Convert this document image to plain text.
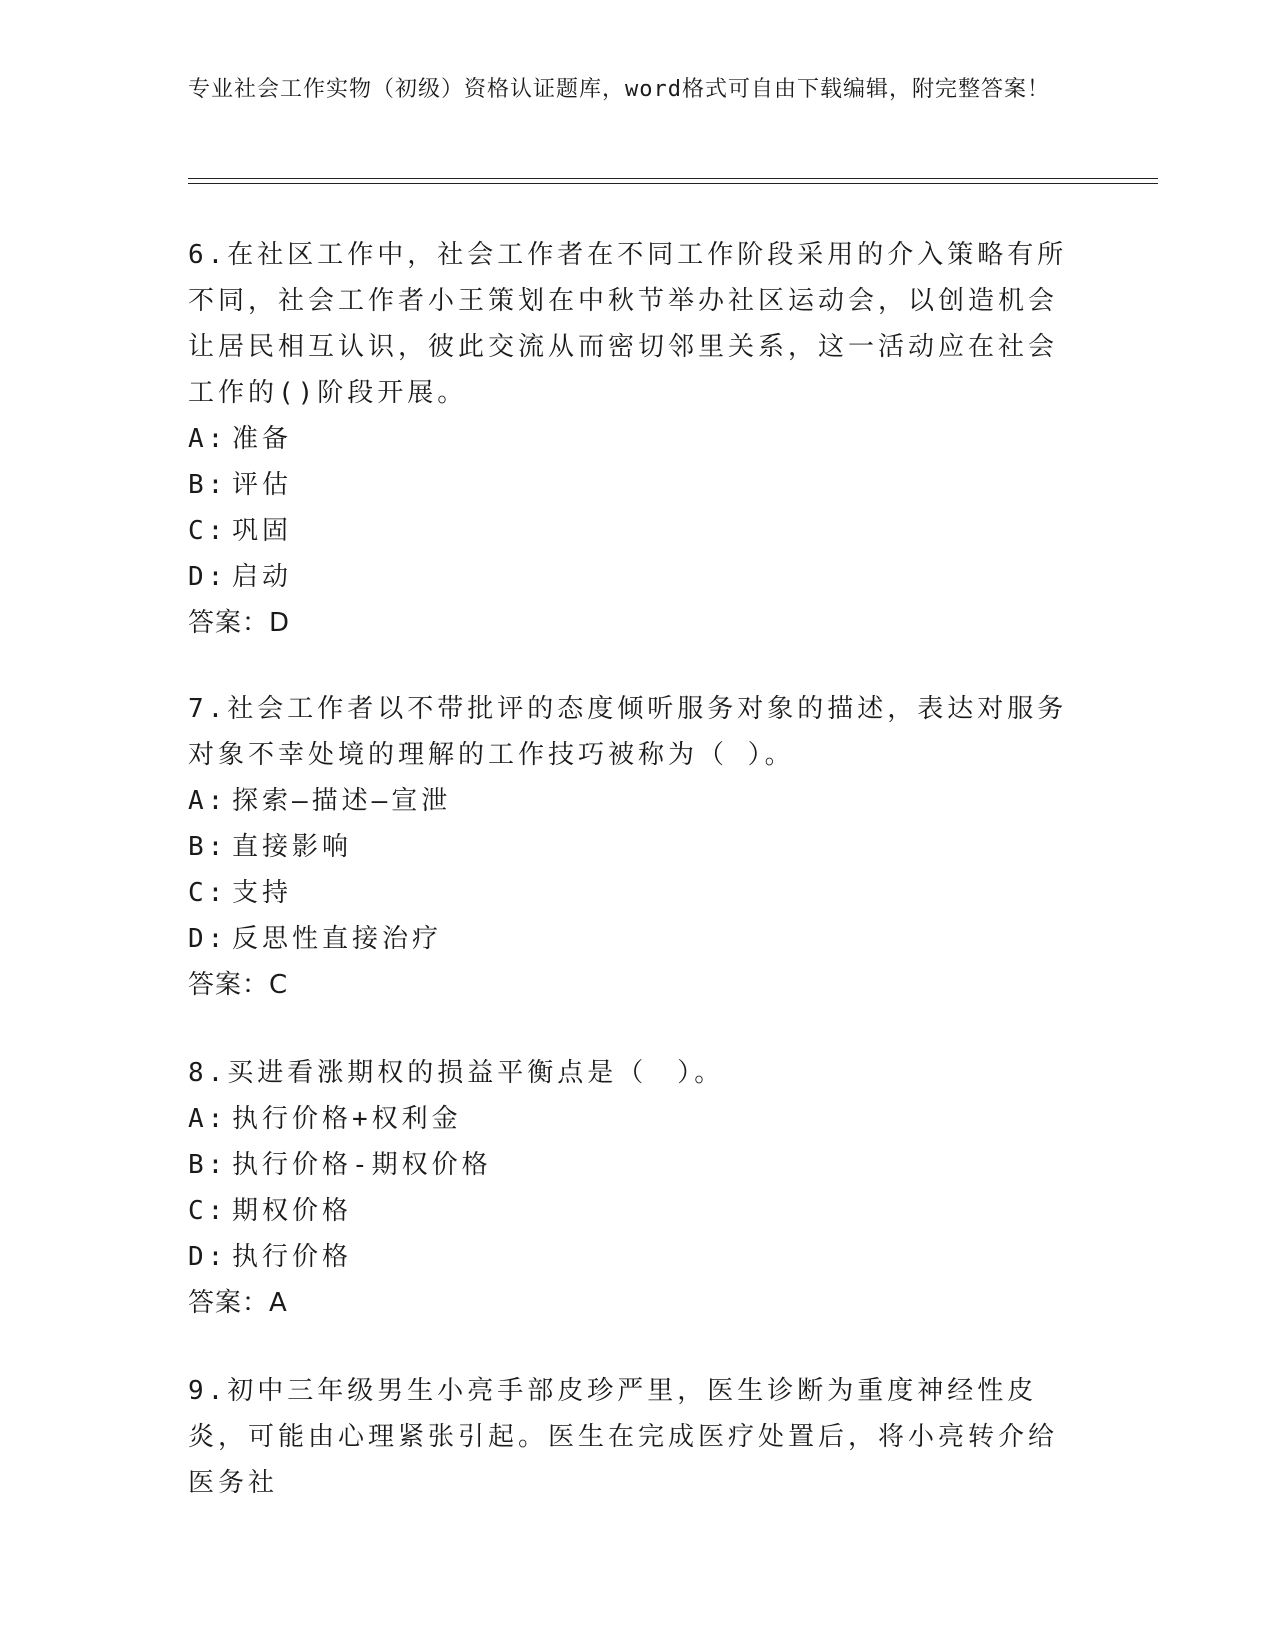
专业社会工作实物（初级）资格认证题库，word格式可自由下载编辑，附完整答案！
6.在社区工作中，社会工作者在不同工作阶段采用的介入策略有所不同，社会工作者小王策划在中秋节举办社区运动会，以创造机会让居民相互认识，彼此交流从而密切邻里关系，这一活动应在社会工作的()阶段开展。
A: 准备
B: 评估
C: 巩固
D: 启动
答案：D
7.社会工作者以不带批评的态度倾听服务对象的描述，表达对服务对象不幸处境的理解的工作技巧被称为（ ）。
A: 探索—描述—宣泄
B: 直接影响
C: 支持
D: 反思性直接治疗
答案：C
8.买进看涨期权的损益平衡点是（　）。
A: 执行价格+权利金
B: 执行价格-期权价格
C: 期权价格
D: 执行价格
答案：A
9.初中三年级男生小亮手部皮珍严里，医生诊断为重度神经性皮炎，可能由心理紧张引起。医生在完成医疗处置后，将小亮转介给医务社
